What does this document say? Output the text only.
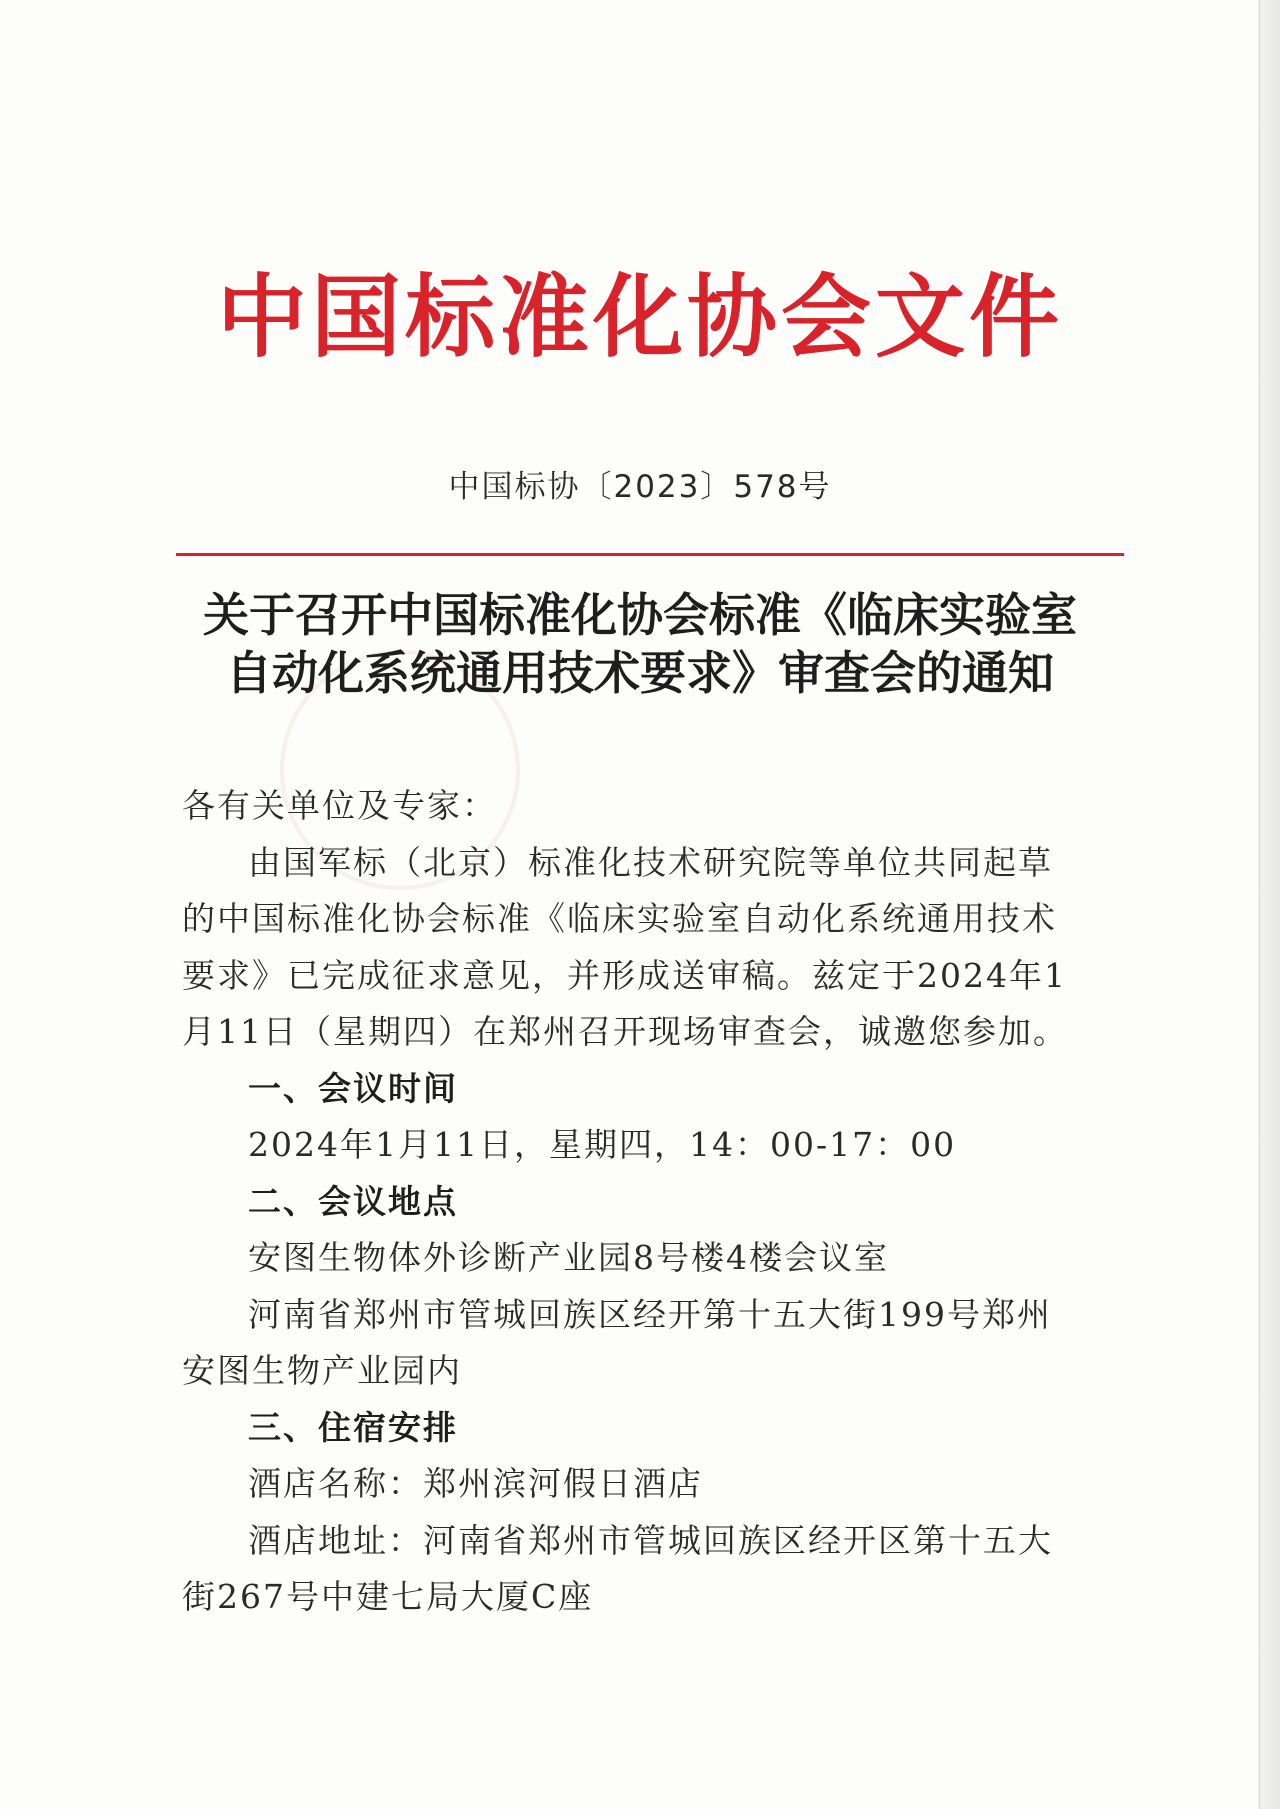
中国标准化协会文件
中国标协〔2023〕578号
关于召开中国标准化协会标准《临床实验室
自动化系统通用技术要求》审查会的通知

各有关单位及专家：

由国军标（北京）标准化技术研究院等单位共同起草的中国标准化协会标准《临床实验室自动化系统通用技术要求》已完成征求意见，并形成送审稿。兹定于2024年1月11日（星期四）在郑州召开现场审查会，诚邀您参加。

一、会议时间

2024年1月11日，星期四，14：00-17：00

二、会议地点

安图生物体外诊断产业园8号楼4楼会议室

河南省郑州市管城回族区经开第十五大街199号郑州安图生物产业园内

三、住宿安排

酒店名称：郑州滨河假日酒店

酒店地址：河南省郑州市管城回族区经开区第十五大街267号中建七局大厦C座
